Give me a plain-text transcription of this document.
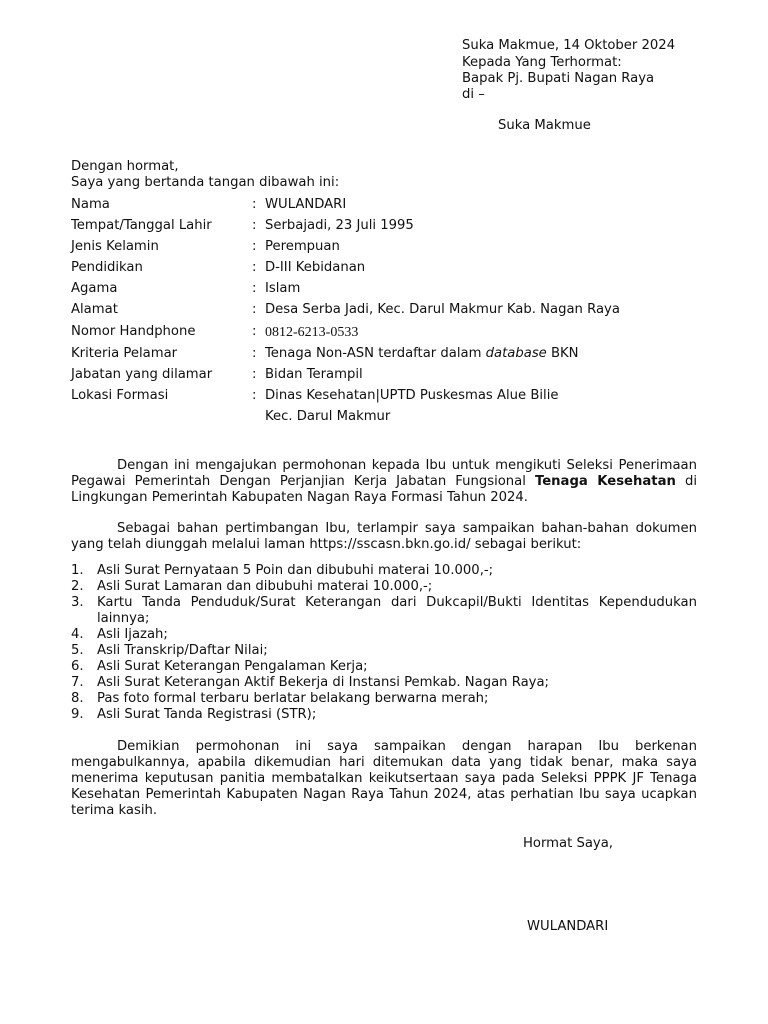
Suka Makmue, 14 Oktober 2024
Kepada Yang Terhormat:
Bapak Pj. Bupati Nagan Raya
di –
Suka Makmue
Dengan hormat,
Saya yang bertanda tangan dibawah ini:
Nama	: WULANDARI
Tempat/Tanggal Lahir	: Serbajadi, 23 Juli 1995
Jenis Kelamin	: Perempuan
Pendidikan	: D-III Kebidanan
Agama	: Islam
Alamat	: Desa Serba Jadi, Kec. Darul Makmur Kab. Nagan Raya
Nomor Handphone	: 0812-6213-0533
Kriteria Pelamar	: Tenaga Non-ASN terdaftar dalam database BKN
Jabatan yang dilamar	: Bidan Terampil
Lokasi Formasi	: Dinas Kesehatan|UPTD Puskesmas Alue Bilie
Kec. Darul Makmur
Dengan ini mengajukan permohonan kepada Ibu untuk mengikuti Seleksi Penerimaan Pegawai Pemerintah Dengan Perjanjian Kerja Jabatan Fungsional Tenaga Kesehatan di Lingkungan Pemerintah Kabupaten Nagan Raya Formasi Tahun 2024.
Sebagai bahan pertimbangan Ibu, terlampir saya sampaikan bahan-bahan dokumen yang telah diunggah melalui laman https://sscasn.bkn.go.id/ sebagai berikut:
1. Asli Surat Pernyataan 5 Poin dan dibubuhi materai 10.000,-;
2. Asli Surat Lamaran dan dibubuhi materai 10.000,-;
3. Kartu Tanda Penduduk/Surat Keterangan dari Dukcapil/Bukti Identitas Kependudukan lainnya;
4. Asli Ijazah;
5. Asli Transkrip/Daftar Nilai;
6. Asli Surat Keterangan Pengalaman Kerja;
7. Asli Surat Keterangan Aktif Bekerja di Instansi Pemkab. Nagan Raya;
8. Pas foto formal terbaru berlatar belakang berwarna merah;
9. Asli Surat Tanda Registrasi (STR);
Demikian permohonan ini saya sampaikan dengan harapan Ibu berkenan mengabulkannya, apabila dikemudian hari ditemukan data yang tidak benar, maka saya menerima keputusan panitia membatalkan keikutsertaan saya pada Seleksi PPPK JF Tenaga Kesehatan Pemerintah Kabupaten Nagan Raya Tahun 2024, atas perhatian Ibu saya ucapkan terima kasih.
Hormat Saya,
WULANDARI
